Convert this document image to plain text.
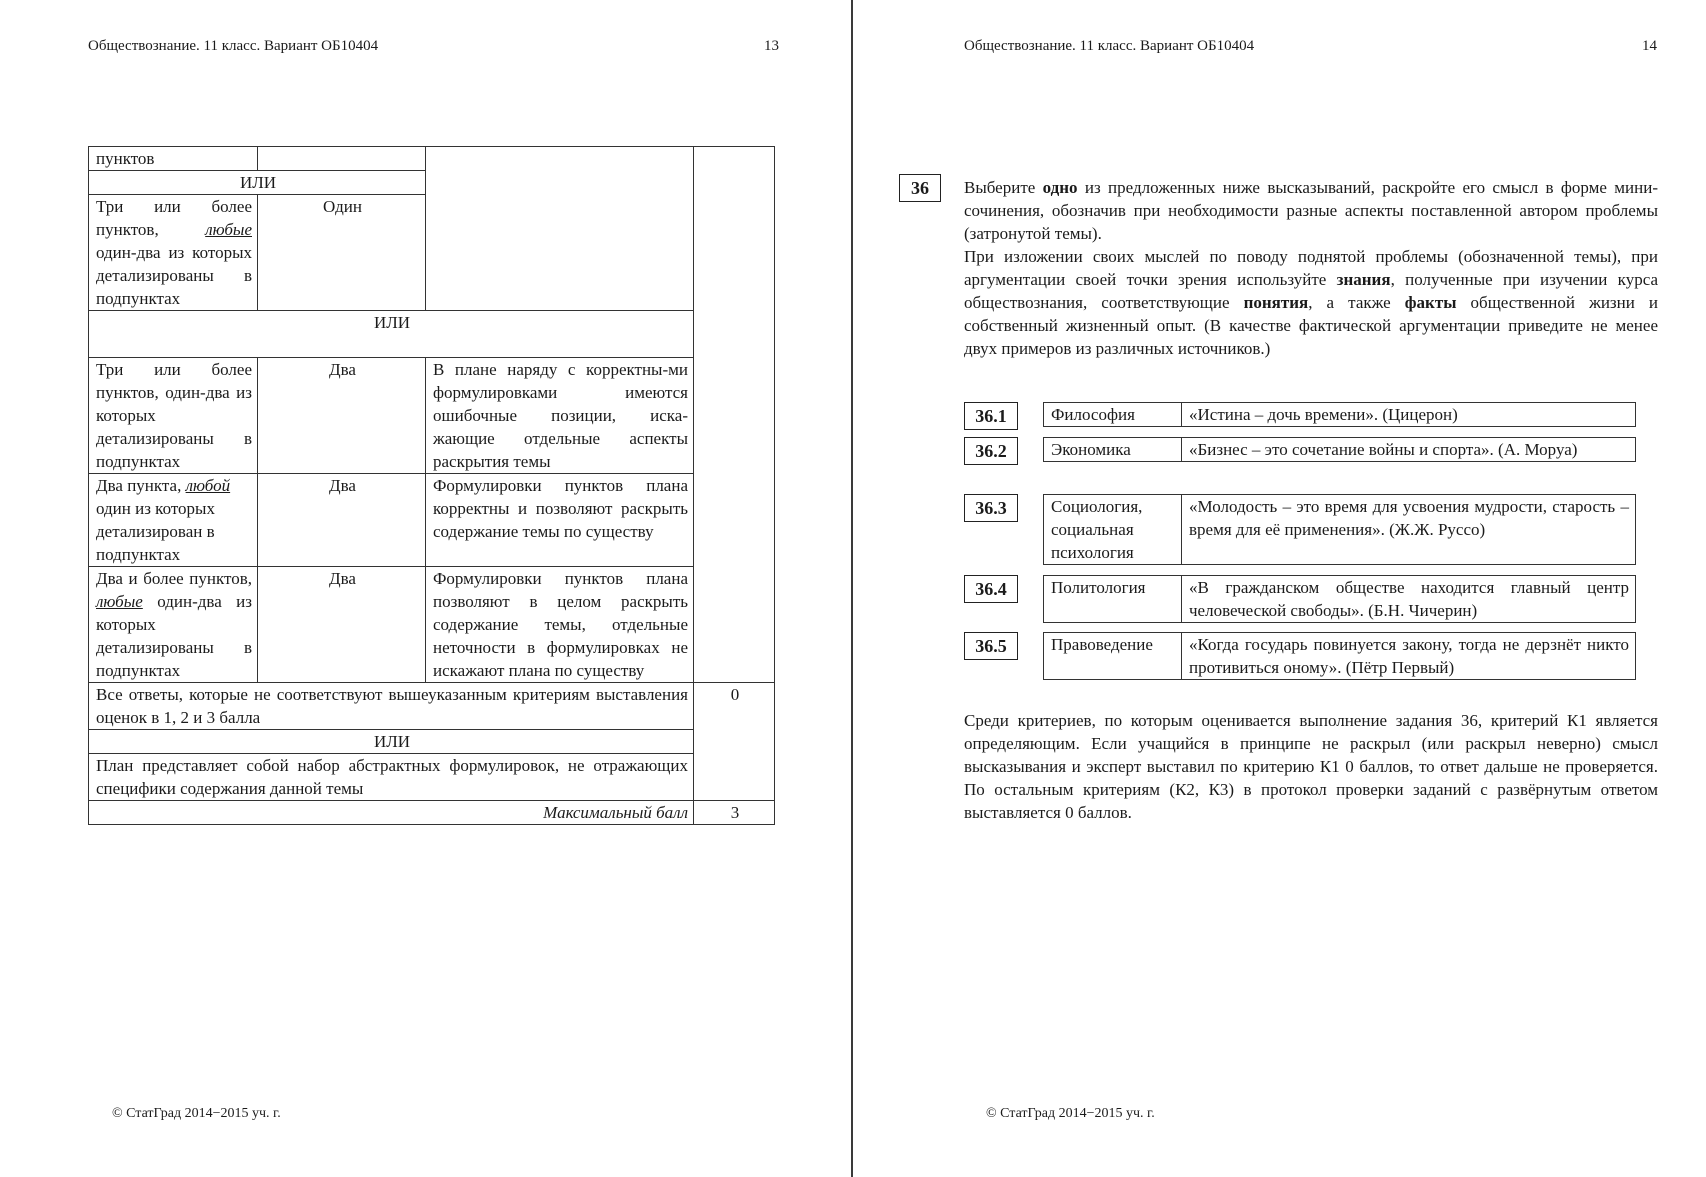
Обществознание. 11 класс. Вариант ОБ10404	13
пунктов			
ИЛИ			
Три или более пунктов, любые один-два из которых детализированы в подпунктах	Один		
ИЛИ			
Три или более пунктов, один-два из которых детализированы в подпунктах	Два	В плане наряду с корректны-ми формулировками имеются ошибочные позиции, иска-жающие отдельные аспекты раскрытия темы	
Два пункта, любой один из которых детализирован в подпунктах	Два	Формулировки пунктов плана корректны и позволяют раскрыть содержание темы по существу	
Два и более пунктов, любые один-два из которых детализированы в подпунктах	Два	Формулировки пунктов плана позволяют в целом раскрыть содержание темы, отдельные неточности в формулировках не искажают плана по существу	
Все ответы, которые не соответствуют вышеуказанным критериям выставления оценок в 1, 2 и 3 балла			0
ИЛИ			
План представляет собой набор абстрактных формулировок, не отражающих специфики содержания данной темы			
Максимальный балл			3
© СтатГрад 2014−2015 уч. г.
Обществознание. 11 класс. Вариант ОБ10404	14
36	Выберите одно из предложенных ниже высказываний, раскройте его смысл в форме мини-сочинения, обозначив при необходимости разные аспекты поставленной автором проблемы (затронутой темы).

При изложении своих мыслей по поводу поднятой проблемы (обозначенной темы), при аргументации своей точки зрения используйте знания, полученные при изучении курса обществознания, соответствующие понятия, а также факты общественной жизни и собственный жизненный опыт. (В качестве фактической аргументации приведите не менее двух примеров из различных источников.)

36.1	Философия	«Истина – дочь времени». (Цицерон)
36.2	Экономика	«Бизнес – это сочетание войны и спорта». (А. Моруа)
36.3	Социология, социальная психология	«Молодость – это время для усвоения мудрости, старость – время для её применения». (Ж.Ж. Руссо)
36.4	Политология	«В гражданском обществе находится главный центр человеческой свободы». (Б.Н. Чичерин)
36.5	Правоведение	«Когда государь повинуется закону, тогда не дерзнёт никто противиться оному». (Пётр Первый)
Среди критериев, по которым оценивается выполнение задания 36, критерий К1 является определяющим. Если учащийся в принципе не раскрыл (или раскрыл неверно) смысл высказывания и эксперт выставил по критерию К1 0 баллов, то ответ дальше не проверяется. По остальным критериям (К2, К3) в протокол проверки заданий с развёрнутым ответом выставляется 0 баллов.
© СтатГрад 2014−2015 уч. г.
